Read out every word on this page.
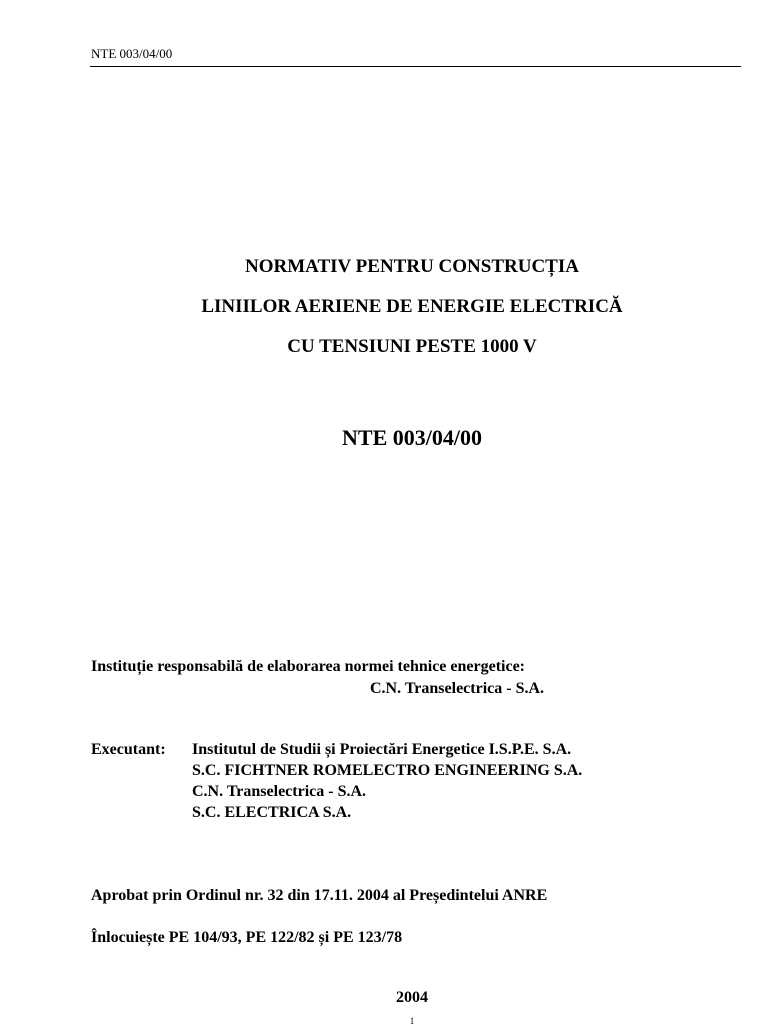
NTE 003/04/00
NORMATIV PENTRU CONSTRUCȚIA
LINIILOR AERIENE DE ENERGIE ELECTRICĂ
CU TENSIUNI PESTE 1000 V
NTE 003/04/00
Instituție responsabilă de elaborarea normei tehnice energetice:
C.N. Transelectrica - S.A.
Executant: Institutul de Studii și Proiectări Energetice I.S.P.E. S.A.
S.C. FICHTNER ROMELECTRO ENGINEERING S.A.
C.N. Transelectrica - S.A.
S.C. ELECTRICA S.A.
Aprobat prin Ordinul nr. 32 din 17.11. 2004 al Președintelui ANRE
Înlocuiește PE 104/93, PE 122/82 și PE 123/78
2004
1
